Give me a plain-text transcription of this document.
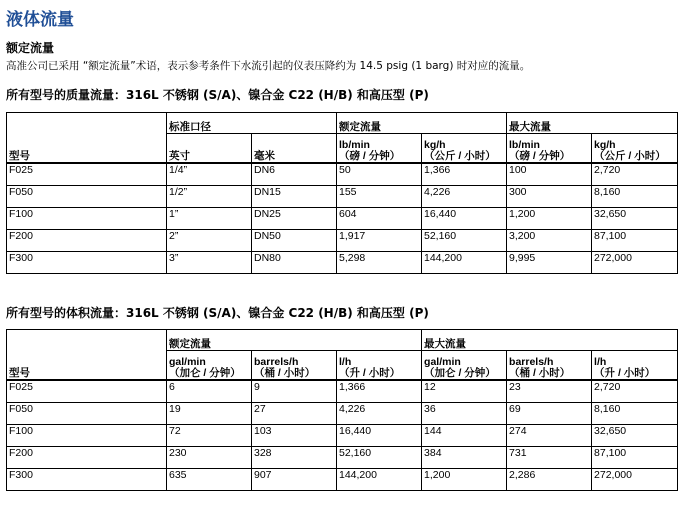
液体流量
额定流量

高准公司已采用 “额定流量”术语，表示参考条件下水流引起的仪表压降约为 14.5 psig (1 barg) 时对应的流量。

所有型号的质量流量：316L 不锈钢 (S/A)、镍合金 C22 (H/B) 和高压型 (P)
型号	标准口径		额定流量		最大流量	
	英寸	毫米	lb/min
（磅 / 分钟）	kg/h
（公斤 / 小时）	lb/min
（磅 / 分钟）	kg/h
（公斤 / 小时）
F025	1/4”	DN6	50	1,366	100	2,720
F050	1/2”	DN15	155	4,226	300	8,160
F100	1”	DN25	604	16,440	1,200	32,650
F200	2”	DN50	1,917	52,160	3,200	87,100
F300	3”	DN80	5,298	144,200	9,995	272,000
所有型号的体积流量：316L 不锈钢 (S/A)、镍合金 C22 (H/B) 和高压型 (P)
型号	额定流量			最大流量		
	gal/min
（加仑 / 分钟）	barrels/h
（桶 / 小时）	l/h
（升 / 小时）	gal/min
（加仑 / 分钟）	barrels/h
（桶 / 小时）	l/h
（升 / 小时）
F025	6	9	1,366	12	23	2,720
F050	19	27	4,226	36	69	8,160
F100	72	103	16,440	144	274	32,650
F200	230	328	52,160	384	731	87,100
F300	635	907	144,200	1,200	2,286	272,000
